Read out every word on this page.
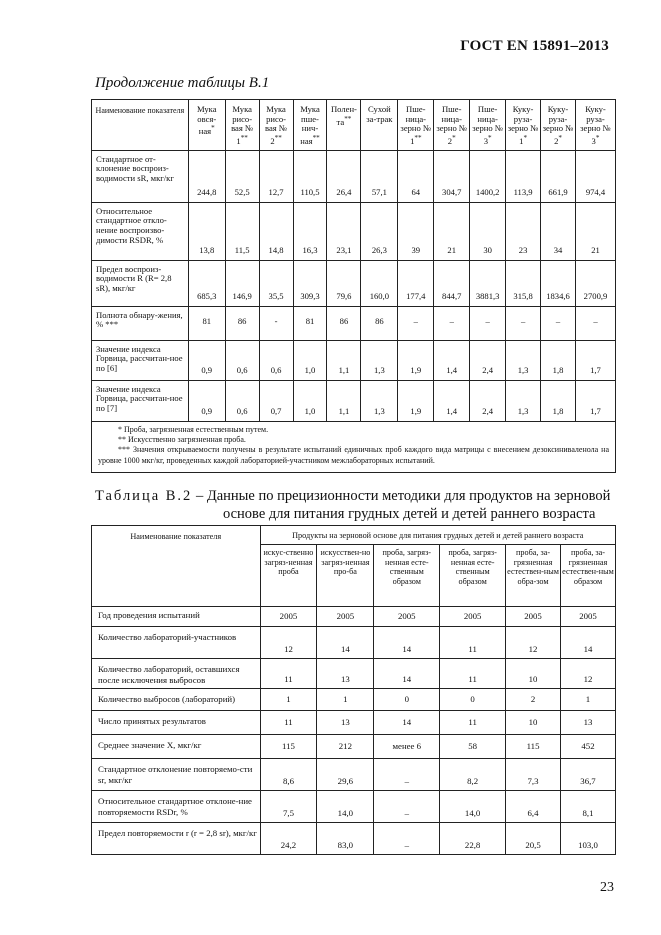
ГОСТ EN 15891–2013
Продолжение таблицы В.1
Наименование показателя	Мука овся-ная*	Мука рисо-вая № 1**	Мука рисо-вая № 2**	Мука пше-нич-ная**	Полен-та**	Сухой за-трак	Пше-ница-зерно № 1**	Пше-ница-зерно № 2*	Пше-ница-зерно № 3*	Куку-руза-зерно № 1*	Куку-руза-зерно № 2*	Куку-руза-зерно № 3*
Стандартное от-клонение воспроиз-водимости sR, мкг/кг	244,8	52,5	12,7	110,5	26,4	57,1	64	304,7	1400,2	113,9	661,9	974,4
Относительное стандартное откло-нение воспроизво-димости RSDR, %	13,8	11,5	14,8	16,3	23,1	26,3	39	21	30	23	34	21
Предел воспроиз-водимости R (R= 2,8 sR), мкг/кг	685,3	146,9	35,5	309,3	79,6	160,0	177,4	844,7	3881,3	315,8	1834,6	2700,9
Полнота обнару-жения, % ***	81	86	-	81	86	86	–	–	–	–	–	–
Значение индекса Горвица, рассчитан-ное по [6]	0,9	0,6	0,6	1,0	1,1	1,3	1,9	1,4	2,4	1,3	1,8	1,7
Значение индекса Горвица, рассчитан-ное по [7]	0,9	0,6	0,7	1,0	1,1	1,3	1,9	1,4	2,4	1,3	1,8	1,7

* Проба, загрязненная естественным путем.
** Искусственно загрязненная проба.
*** Значения открываемости получены в результате испытаний единичных проб каждого вида матрицы с внесением дезоксиниваленола на уровне 1000 мкг/кг, проведенных каждой лабораторией-участником межлабораторных испытаний.												
Таблица В.2 – Данные по прецизионности методики для продуктов на зерновой
основе для питания грудных детей и детей раннего возраста
Наименование показателя	Продукты на зерновой основе для питания грудных детей и детей раннего возраста					
	искус-ственно загряз-ненная проба	искусствен-но загряз-ненная про-ба	проба, загряз-ненная есте-ственным образом	проба, загряз-ненная есте-ственным образом	проба, за-грязненная естествен-ным обра-зом	проба, за-грязненная естествен-ным образом
Год проведения испытаний	2005	2005	2005	2005	2005	2005
Количество лабораторий-участников	12	14	14	11	12	14
Количество лабораторий, оставшихся после исключения выбросов	11	13	14	11	10	12
Количество выбросов (лабораторий)	1	1	0	0	2	1
Число принятых результатов	11	13	14	11	10	13
Среднее значение X, мкг/кг	115	212	менее 6	58	115	452
Стандартное отклонение повторяемо-сти sr, мкг/кг	8,6	29,6	–	8,2	7,3	36,7
Относительное стандартное отклоне-ние повторяемости RSDr, %	7,5	14,0	–	14,0	6,4	8,1
Предел повторяемости r (r = 2,8 sr), мкг/кг	24,2	83,0	–	22,8	20,5	103,0
23
